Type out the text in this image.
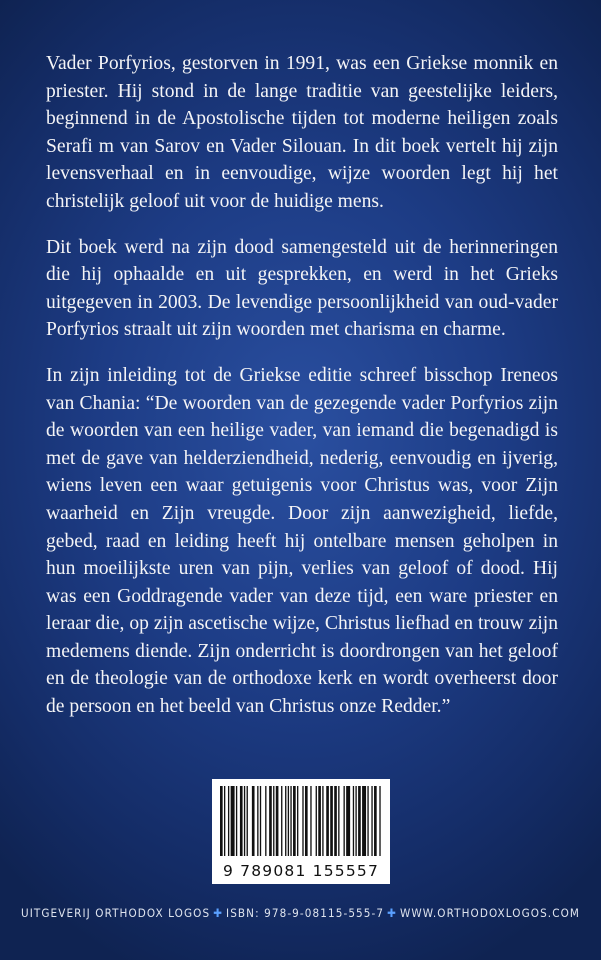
Vader Porfyrios, gestorven in 1991, was een Griekse monnik en priester. Hij stond in de lange traditie van geestelijke leiders, beginnend in de Apostolische tijden tot moderne heiligen zoals Serafi m van Sarov en Vader Silouan. In dit boek vertelt hij zijn levensverhaal en in eenvoudige, wijze woorden legt hij het christelijk geloof uit voor de huidige mens.

Dit boek werd na zijn dood samengesteld uit de herinneringen die hij ophaalde en uit gesprekken, en werd in het Grieks uitgegeven in 2003. De levendige persoonlijkheid van oud-vader Porfyrios straalt uit zijn woorden met charisma en charme.

In zijn inleiding tot de Griekse editie schreef bisschop Ireneos van Chania: “De woorden van de gezegende vader Porfyrios zijn de woorden van een heilige vader, van iemand die begenadigd is met de gave van helderziendheid, nederig, eenvoudig en ijverig, wiens leven een waar getuigenis voor Christus was, voor Zijn waarheid en Zijn vreugde. Door zijn aanwezigheid, liefde, gebed, raad en leiding heeft hij ontelbare mensen geholpen in hun moeilijkste uren van pijn, verlies van geloof of dood. Hij was een Goddragende vader van deze tijd, een ware priester en leraar die, op zijn ascetische wijze, Christus liefhad en trouw zijn medemens diende. Zijn onderricht is doordrongen van het geloof en de theologie van de orthodoxe kerk en wordt overheerst door de persoon en het beeld van Christus onze Redder.”

9 789081 155557
UITGEVERIJ ORTHODOX LOGOS ✚ ISBN: 978-9-08115-555-7 ✚ WWW.ORTHODOXLOGOS.COM
